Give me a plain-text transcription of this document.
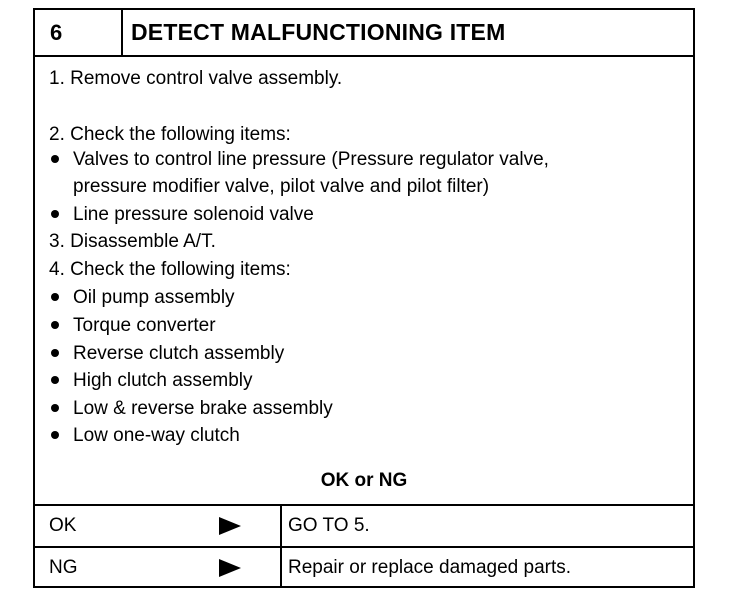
6	DETECT MALFUNCTIONING ITEM
1. Remove control valve assembly.
2. Check the following items:
Valves to control line pressure (Pressure regulator valve,
pressure modifier valve, pilot valve and pilot filter)
Line pressure solenoid valve
3. Disassemble A/T.
4. Check the following items:
Oil pump assembly
Torque converter
Reverse clutch assembly
High clutch assembly
Low & reverse brake assembly
Low one-way clutch
OK or NG
OK	GO TO 5.
NG	Repair or replace damaged parts.
